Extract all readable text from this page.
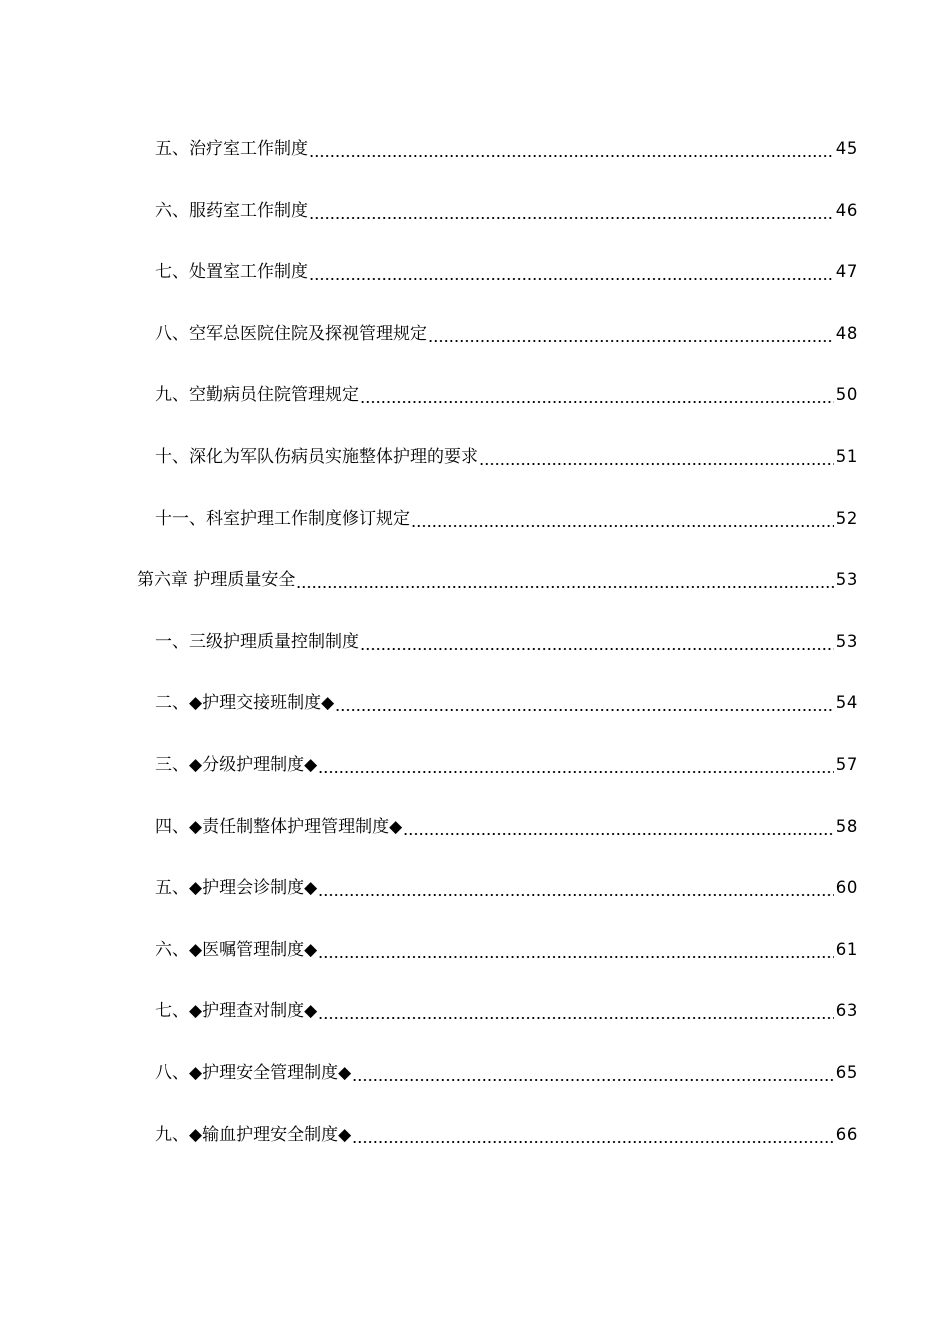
五、治疗室工作制度	45
六、服药室工作制度	46
七、处置室工作制度	47
八、空军总医院住院及探视管理规定	48
九、空勤病员住院管理规定	50
十、深化为军队伤病员实施整体护理的要求	51
十一、科室护理工作制度修订规定	52
第六章 护理质量安全	53
一、三级护理质量控制制度	53
二、◆护理交接班制度◆	54
三、◆分级护理制度◆	57
四、◆责任制整体护理管理制度◆	58
五、◆护理会诊制度◆	60
六、◆医嘱管理制度◆	61
七、◆护理查对制度◆	63
八、◆护理安全管理制度◆	65
九、◆输血护理安全制度◆	66
